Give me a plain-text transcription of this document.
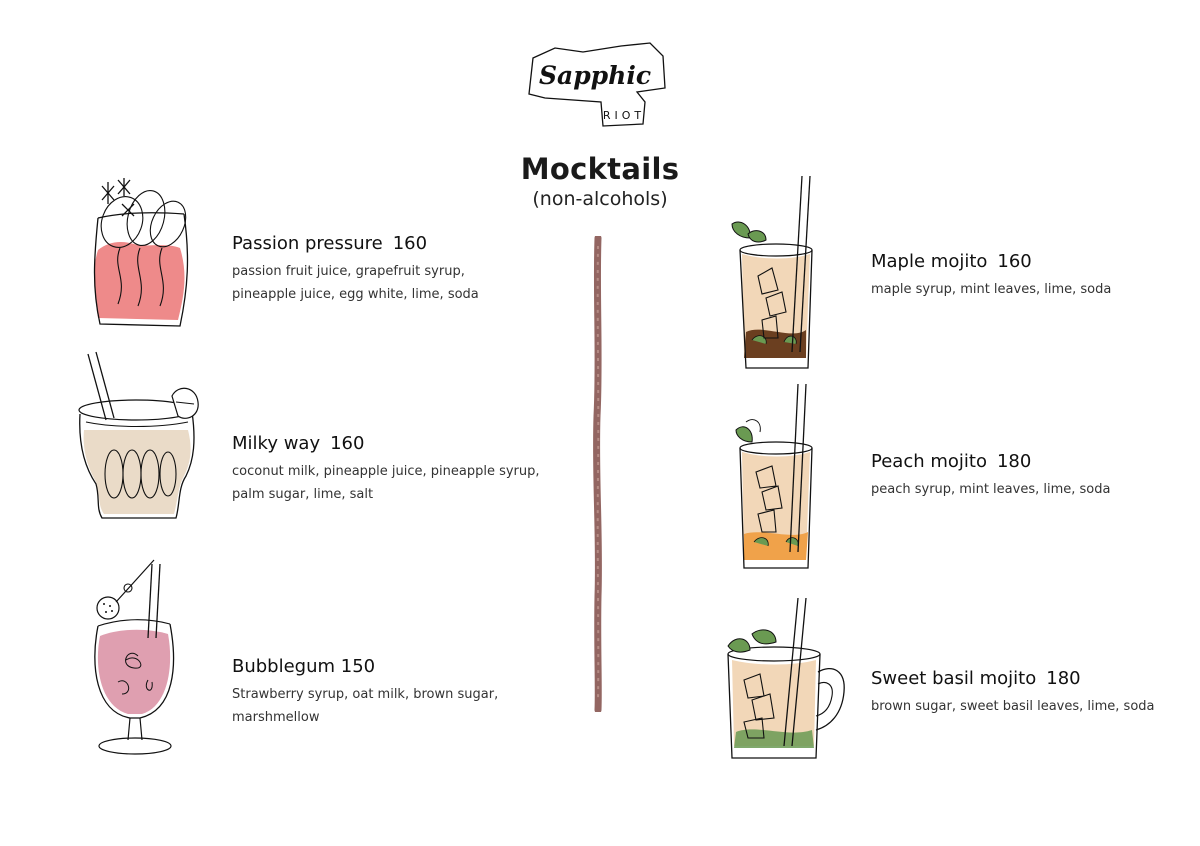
Sapphic
RIOT
Mocktails
(non-alcohols)
Passion pressure 160
passion fruit juice, grapefruit syrup,
pineapple juice, egg white, lime, soda
Milky way 160
coconut milk, pineapple juice, pineapple syrup,
palm sugar, lime, salt
Bubblegum 150
Strawberry syrup, oat milk, brown sugar,
marshmellow
Maple mojito 160
maple syrup, mint leaves, lime, soda
Peach mojito 180
peach syrup, mint leaves, lime, soda
Sweet basil mojito 180
brown sugar, sweet basil leaves, lime, soda
